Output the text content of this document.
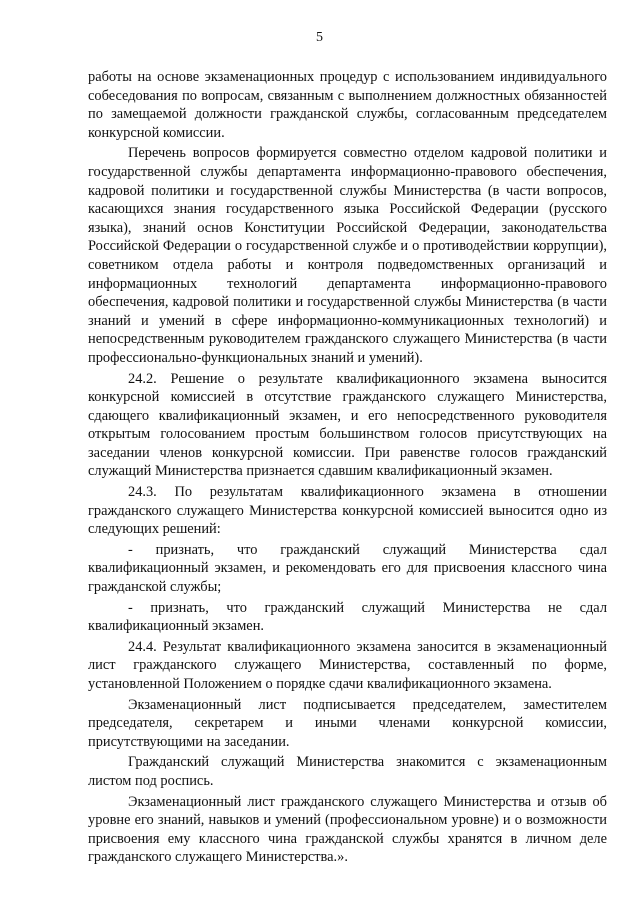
5

работы на основе экзаменационных процедур с использованием индивидуального собеседования по вопросам, связанным с выполнением должностных обязанностей по замещаемой должности гражданской службы, согласованным председателем конкурсной комиссии.

Перечень вопросов формируется совместно отделом кадровой политики и государственной службы департамента информационно-правового обеспечения, кадровой политики и государственной службы Министерства (в части вопросов, касающихся знания государственного языка Российской Федерации (русского языка), знаний основ Конституции Российской Федерации, законодательства Российской Федерации о государственной службе и о противодействии коррупции), советником отдела работы и контроля подведомственных организаций и информационных технологий департамента информационно-правового обеспечения, кадровой политики и государственной службы Министерства (в части знаний и умений в сфере информационно-коммуникационных технологий) и непосредственным руководителем гражданского служащего Министерства (в части профессионально-функциональных знаний и умений).

24.2. Решение о результате квалификационного экзамена выносится конкурсной комиссией в отсутствие гражданского служащего Министерства, сдающего квалификационный экзамен, и его непосредственного руководителя открытым голосованием простым большинством голосов присутствующих на заседании членов конкурсной комиссии. При равенстве голосов гражданский служащий Министерства признается сдавшим квалификационный экзамен.

24.3. По результатам квалификационного экзамена в отношении гражданского служащего Министерства конкурсной комиссией выносится одно из следующих решений:

- признать, что гражданский служащий Министерства сдал квалификационный экзамен, и рекомендовать его для присвоения классного чина гражданской службы;

- признать, что гражданский служащий Министерства не сдал квалификационный экзамен.

24.4. Результат квалификационного экзамена заносится в экзаменационный лист гражданского служащего Министерства, составленный по форме, установленной Положением о порядке сдачи квалификационного экзамена.

Экзаменационный лист подписывается председателем, заместителем председателя, секретарем и иными членами конкурсной комиссии, присутствующими на заседании.

Гражданский служащий Министерства знакомится с экзаменационным листом под роспись.

Экзаменационный лист гражданского служащего Министерства и отзыв об уровне его знаний, навыков и умений (профессиональном уровне) и о возможности присвоения ему классного чина гражданской службы хранятся в личном деле гражданского служащего Министерства.».
